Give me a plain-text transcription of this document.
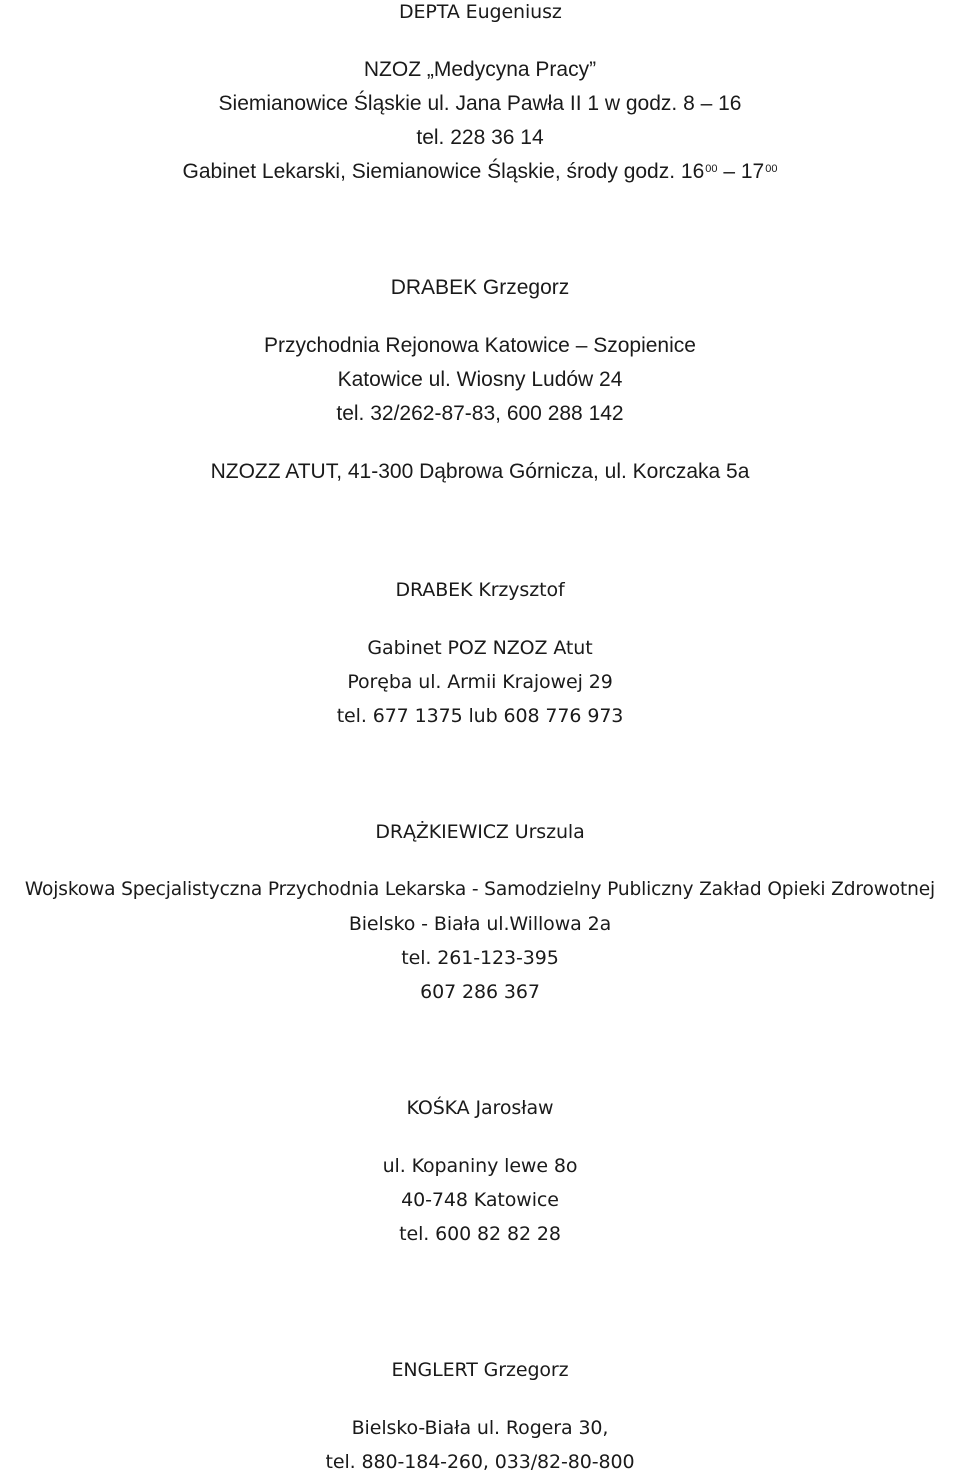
DEPTA Eugeniusz

NZOZ „Medycyna Pracy”

Siemianowice Śląskie ul. Jana Pawła II 1 w godz. 8 – 16

tel. 228 36 14

Gabinet Lekarski, Siemianowice Śląskie, środy godz. $16^{00} - 17^{00}$

DRABEK Grzegorz

Przychodnia Rejonowa Katowice – Szopienice

Katowice ul. Wiosny Ludów 24

tel. 32/262-87-83, 600 288 142

NZOZZ ATUT, 41-300 Dąbrowa Górnicza, ul. Korczaka 5a

DRABEK Krzysztof

Gabinet POZ NZOZ Atut

Poręba ul. Armii Krajowej 29

tel. 677 1375 lub 608 776 973

DRĄŻKIEWICZ Urszula

Wojskowa Specjalistyczna Przychodnia Lekarska - Samodzielny Publiczny Zakład Opieki Zdrowotnej

Bielsko - Biała ul.Willowa 2a

tel. 261-123-395

607 286 367

KOŚKA Jarosław

ul. Kopaniny lewe 8o

40-748 Katowice

tel. 600 82 82 28

ENGLERT Grzegorz

Bielsko-Biała ul. Rogera 30,

tel. 880-184-260, 033/82-80-800
